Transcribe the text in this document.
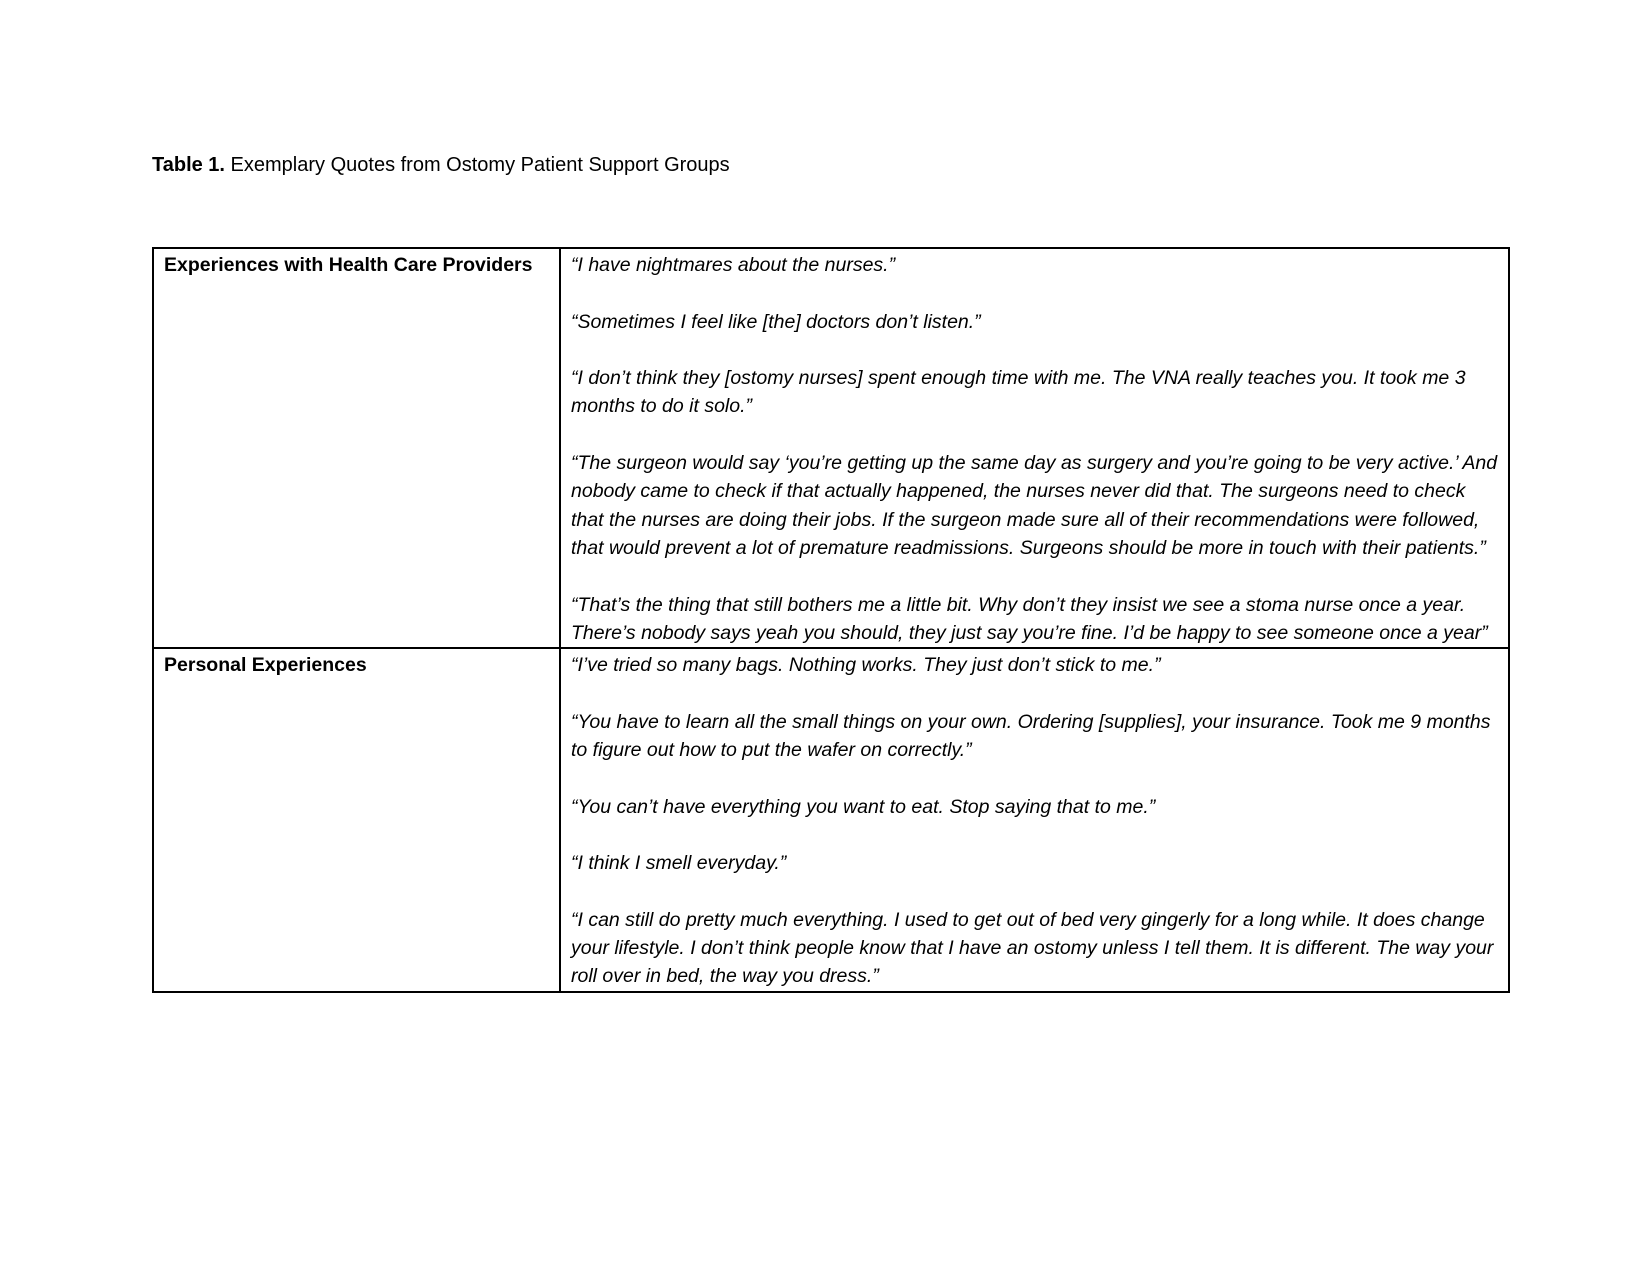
Table 1. Exemplary Quotes from Ostomy Patient Support Groups
Experiences with Health Care Providers	“I have nightmares about the nurses.”

“Sometimes I feel like [the] doctors don’t listen.”

“I don’t think they [ostomy nurses] spent enough time with me. The VNA really teaches you. It took me 3 months to do it solo.”

“The surgeon would say ‘you’re getting up the same day as surgery and you’re going to be very active.’ And nobody came to check if that actually happened, the nurses never did that. The surgeons need to check that the nurses are doing their jobs. If the surgeon made sure all of their recommendations were followed, that would prevent a lot of premature readmissions. Surgeons should be more in touch with their patients.”

“That’s the thing that still bothers me a little bit. Why don’t they insist we see a stoma nurse once a year. There’s nobody says yeah you should, they just say you’re fine. I’d be happy to see someone once a year”

Personal Experiences	“I’ve tried so many bags. Nothing works. They just don’t stick to me.”

“You have to learn all the small things on your own. Ordering [supplies], your insurance. Took me 9 months to figure out how to put the wafer on correctly.”

“You can’t have everything you want to eat. Stop saying that to me.”

“I think I smell everyday.”

“I can still do pretty much everything. I used to get out of bed very gingerly for a long while. It does change your lifestyle. I don’t think people know that I have an ostomy unless I tell them. It is different. The way your roll over in bed, the way you dress.”
